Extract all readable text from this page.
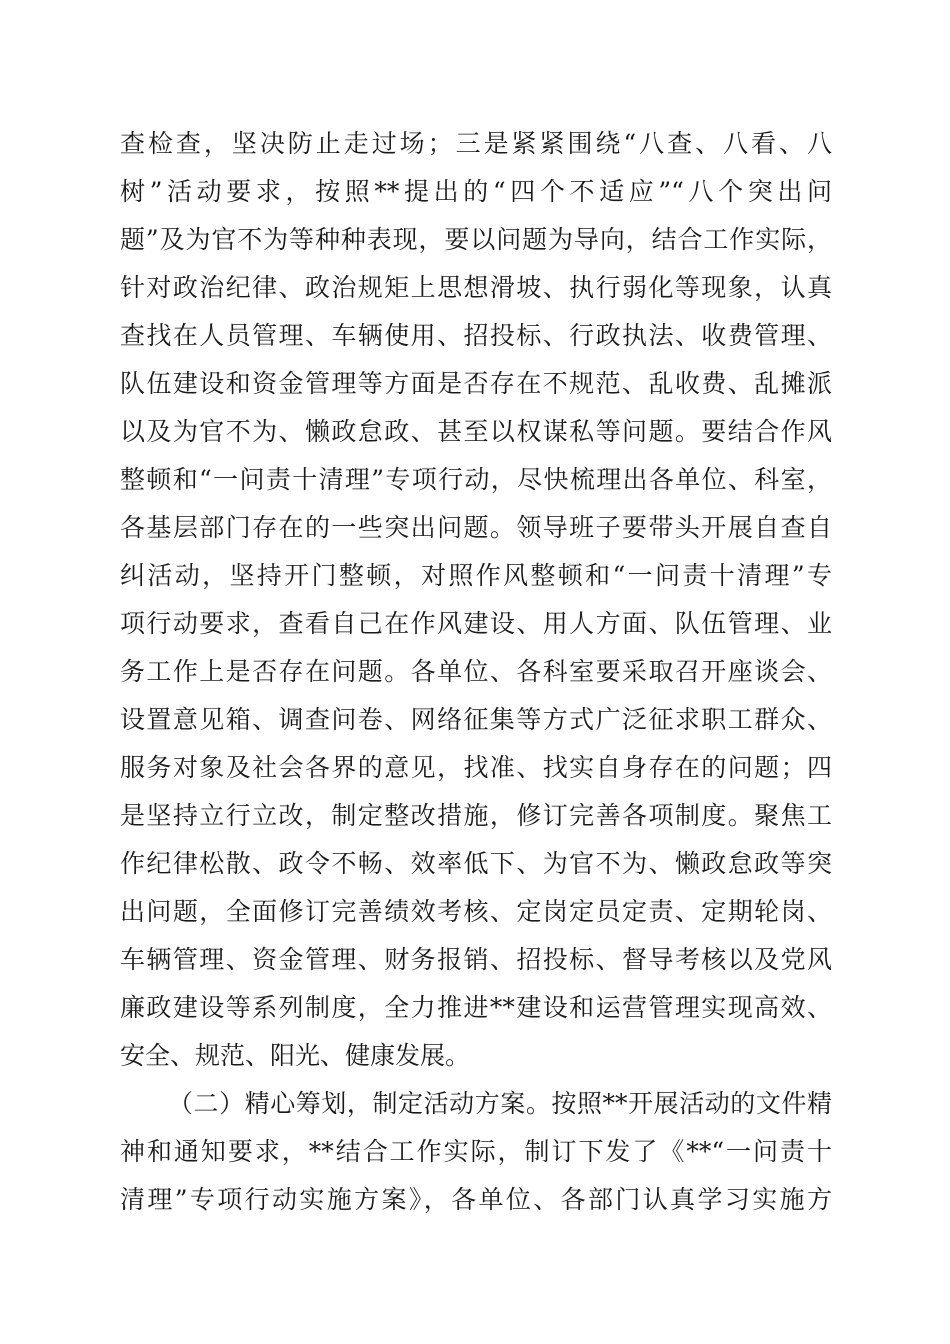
查检查，坚决防止走过场；三是紧紧围绕“八查、八看、八
树”活动要求，按照**提出的“四个不适应”“八个突出问
题”及为官不为等种种表现，要以问题为导向，结合工作实际，
针对政治纪律、政治规矩上思想滑坡、执行弱化等现象，认真
查找在人员管理、车辆使用、招投标、行政执法、收费管理、
队伍建设和资金管理等方面是否存在不规范、乱收费、乱摊派
以及为官不为、懒政怠政、甚至以权谋私等问题。要结合作风
整顿和“一问责十清理”专项行动，尽快梳理出各单位、科室，
各基层部门存在的一些突出问题。领导班子要带头开展自查自
纠活动，坚持开门整顿，对照作风整顿和“一问责十清理”专
项行动要求，查看自己在作风建设、用人方面、队伍管理、业
务工作上是否存在问题。各单位、各科室要采取召开座谈会、
设置意见箱、调查问卷、网络征集等方式广泛征求职工群众、
服务对象及社会各界的意见，找准、找实自身存在的问题；四
是坚持立行立改，制定整改措施，修订完善各项制度。聚焦工
作纪律松散、政令不畅、效率低下、为官不为、懒政怠政等突
出问题，全面修订完善绩效考核、定岗定员定责、定期轮岗、
车辆管理、资金管理、财务报销、招投标、督导考核以及党风
廉政建设等系列制度，全力推进**建设和运营管理实现高效、
安全、规范、阳光、健康发展。
（二）精心筹划，制定活动方案。按照**开展活动的文件精
神和通知要求，**结合工作实际，制订下发了《**“一问责十
清理”专项行动实施方案》，各单位、各部门认真学习实施方
